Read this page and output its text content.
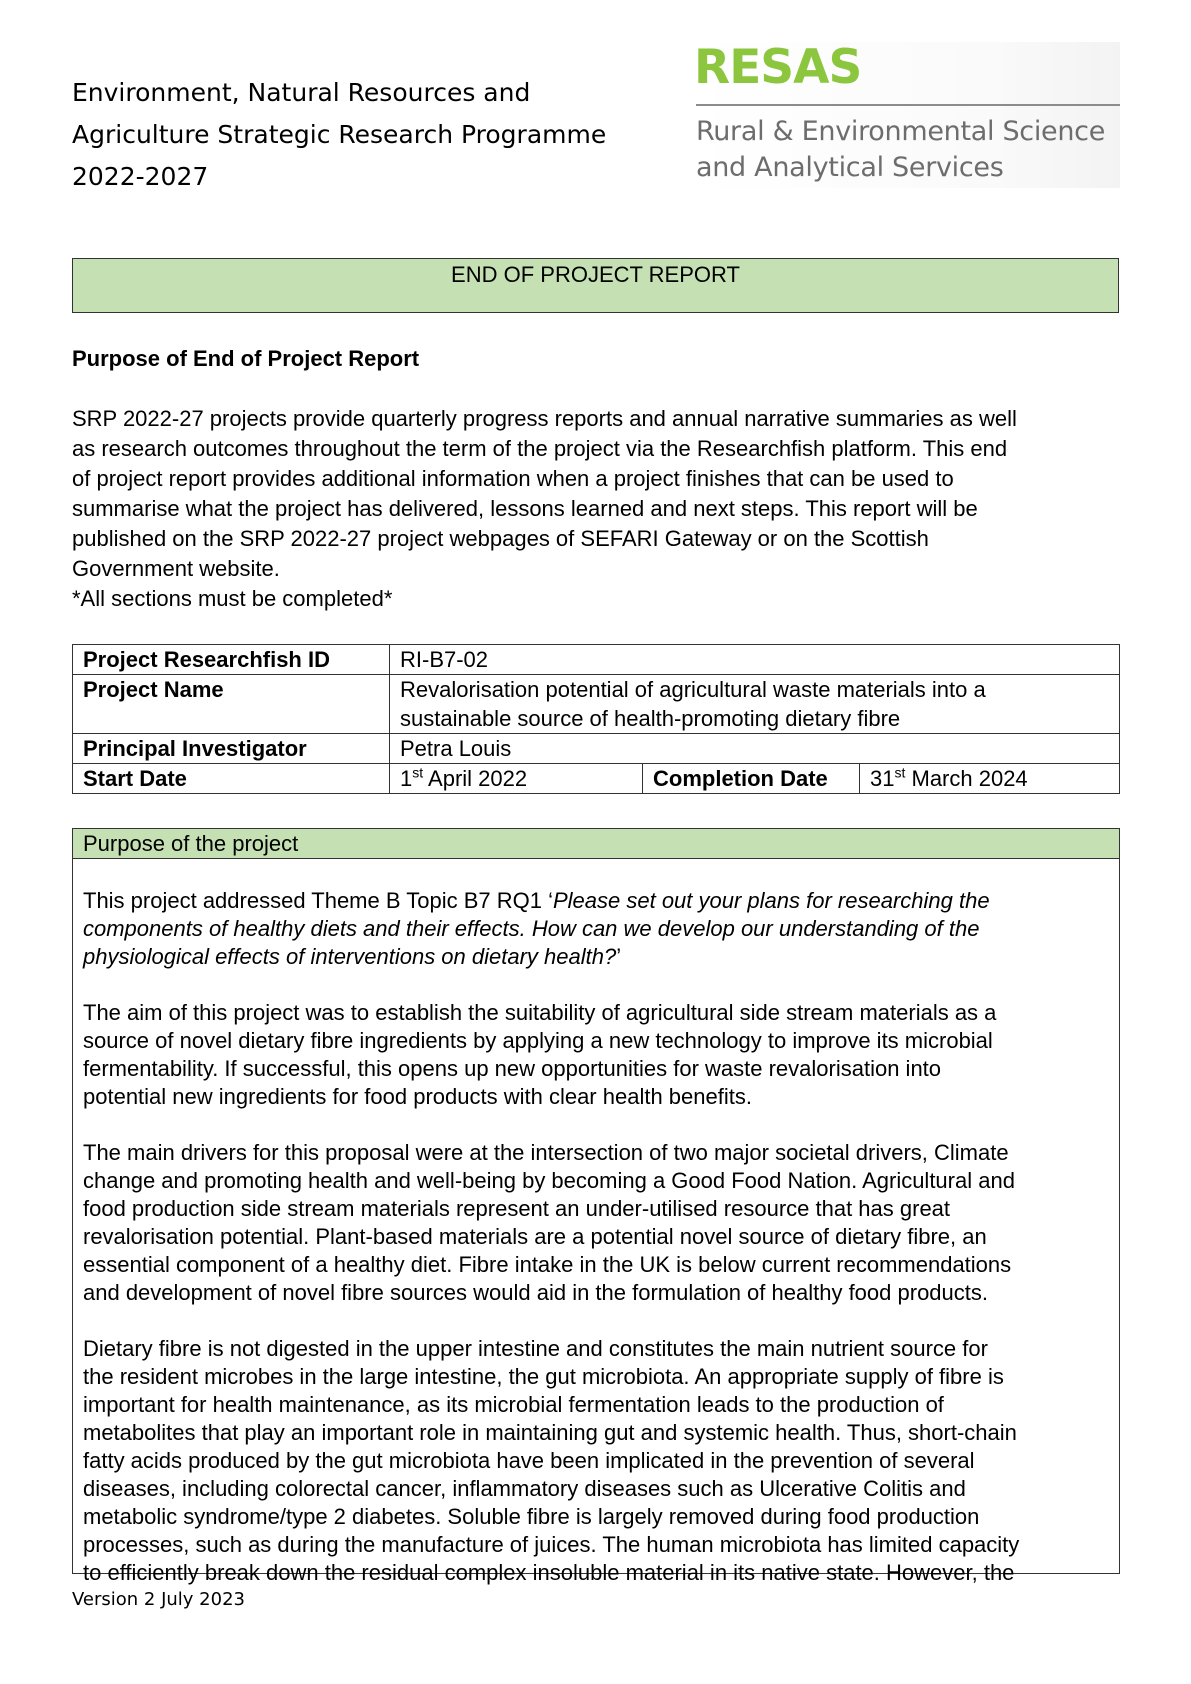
Environment, Natural Resources and
Agriculture Strategic Research Programme
2022-2027
RESAS
Rural & Environmental Science
and Analytical Services
END OF PROJECT REPORT
Purpose of End of Project Report
SRP 2022-27 projects provide quarterly progress reports and annual narrative summaries as well
as research outcomes throughout the term of the project via the Researchfish platform. This end
of project report provides additional information when a project finishes that can be used to
summarise what the project has delivered, lessons learned and next steps. This report will be
published on the SRP 2022-27 project webpages of SEFARI Gateway or on the Scottish
Government website.
*All sections must be completed*
Project Researchfish ID	RI-B7-02		
Project Name	Revalorisation potential of agricultural waste materials into a
sustainable source of health-promoting dietary fibre		

Principal Investigator	Petra Louis		
Start Date	1st April 2022	Completion Date	31st March 2024
Purpose of the project

This project addressed Theme B Topic B7 RQ1 ‘Please set out your plans for researching the

components of healthy diets and their effects. How can we develop our understanding of the
physiological effects of interventions on dietary health?’

The aim of this project was to establish the suitability of agricultural side stream materials as a
source of novel dietary fibre ingredients by applying a new technology to improve its microbial
fermentability. If successful, this opens up new opportunities for waste revalorisation into
potential new ingredients for food products with clear health benefits.

The main drivers for this proposal were at the intersection of two major societal drivers, Climate
change and promoting health and well-being by becoming a Good Food Nation. Agricultural and
food production side stream materials represent an under-utilised resource that has great
revalorisation potential. Plant-based materials are a potential novel source of dietary fibre, an
essential component of a healthy diet. Fibre intake in the UK is below current recommendations
and development of novel fibre sources would aid in the formulation of healthy food products.

Dietary fibre is not digested in the upper intestine and constitutes the main nutrient source for
the resident microbes in the large intestine, the gut microbiota. An appropriate supply of fibre is
important for health maintenance, as its microbial fermentation leads to the production of
metabolites that play an important role in maintaining gut and systemic health. Thus, short-chain
fatty acids produced by the gut microbiota have been implicated in the prevention of several
diseases, including colorectal cancer, inflammatory diseases such as Ulcerative Colitis and
metabolic syndrome/type 2 diabetes. Soluble fibre is largely removed during food production
processes, such as during the manufacture of juices. The human microbiota has limited capacity
to efficiently break down the residual complex insoluble material in its native state. However, the

Version 2 July 2023
